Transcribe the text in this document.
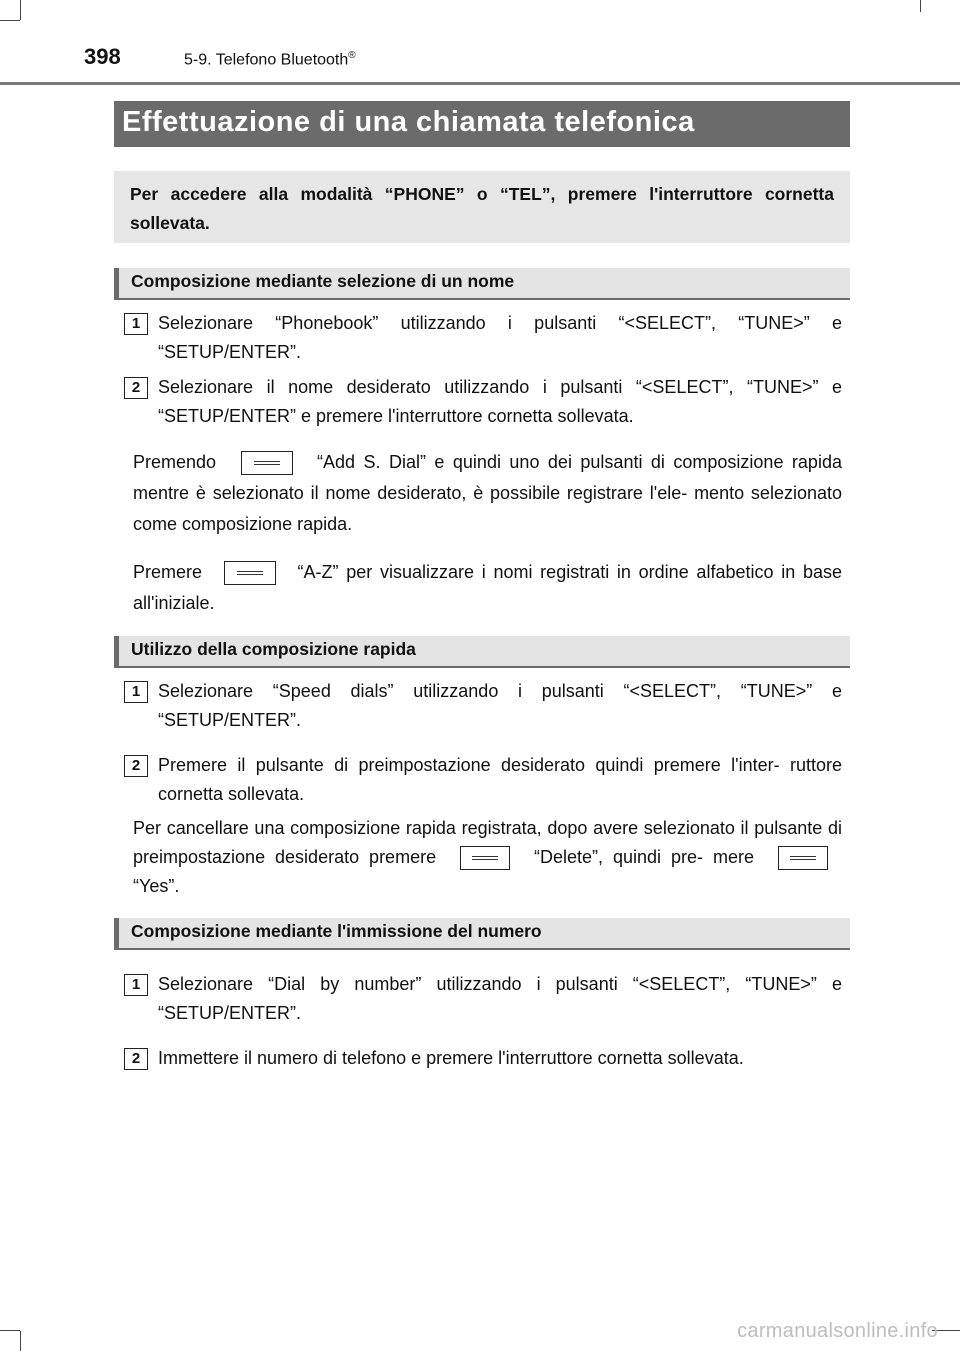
398	5-9. Telefono Bluetooth®
Effettuazione di una chiamata telefonica
Per accedere alla modalità “PHONE” o “TEL”, premere l'interruttore cornetta sollevata.
Composizione mediante selezione di un nome
1 Selezionare “Phonebook” utilizzando i pulsanti “<SELECT”, “TUNE>” e “SETUP/ENTER”.
2 Selezionare il nome desiderato utilizzando i pulsanti “<SELECT”, “TUNE>” e “SETUP/ENTER” e premere l'interruttore cornetta sollevata.
Premendo	“Add S. Dial” e quindi uno dei pulsanti di composizione rapida mentre è selezionato il nome desiderato, è possibile registrare l'ele- mento selezionato come composizione rapida.
Premere	“A-Z” per visualizzare i nomi registrati in ordine alfabetico in base all'iniziale.
Utilizzo della composizione rapida
1 Selezionare “Speed dials” utilizzando i pulsanti “<SELECT”, “TUNE>” e “SETUP/ENTER”.
2 Premere il pulsante di preimpostazione desiderato quindi premere l'inter- ruttore cornetta sollevata.
Per cancellare una composizione rapida registrata, dopo avere selezionato il pulsante di preimpostazione desiderato premere	“Delete”, quindi pre- mere  “Yes”.
Composizione mediante l'immissione del numero
1 Selezionare “Dial by number” utilizzando i pulsanti “<SELECT”, “TUNE>” e “SETUP/ENTER”.
2 Immettere il numero di telefono e premere l'interruttore cornetta sollevata.
carmanualsonline.info
